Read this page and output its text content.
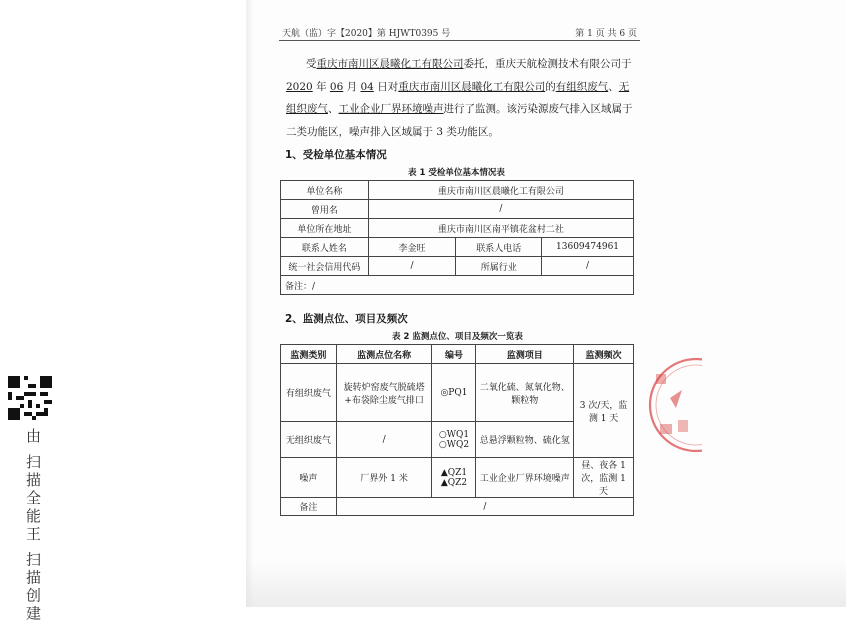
由 扫描全能王 扫描创建
天航（监）字【2020】第 HJWT0395 号	第 1 页 共 6 页
受重庆市南川区晨曦化工有限公司委托，重庆天航检测技术有限公司于2020 年 06 月 04 日对重庆市南川区晨曦化工有限公司的有组织废气、无组织废气、工业企业厂界环境噪声进行了监测。该污染源废气排入区域属于二类功能区，噪声排入区域属于 3 类功能区。
1、受检单位基本情况
表 1 受检单位基本情况表
单位名称	重庆市南川区晨曦化工有限公司		
曾用名	/		
单位所在地址	重庆市南川区南平镇花盆村二社		
联系人姓名	李金旺	联系人电话	13609474961
统一社会信用代码	/	所属行业	/
备注：/			
2、监测点位、项目及频次
表 2 监测点位、项目及频次一览表
监测类别	监测点位名称	编号	监测项目	监测频次
有组织废气	旋转炉窑废气脱硫塔+布袋除尘废气排口	◎PQ1	二氧化硫、氮氧化物、颗粒物	3 次/天，监测 1 天
无组织废气	/	○WQ1 ○WQ2	总悬浮颗粒物、硫化氢	
噪声	厂界外 1 米	▲QZ1 ▲QZ2	工业企业厂界环境噪声	昼、夜各 1 次，监测 1 天
备注	/			
